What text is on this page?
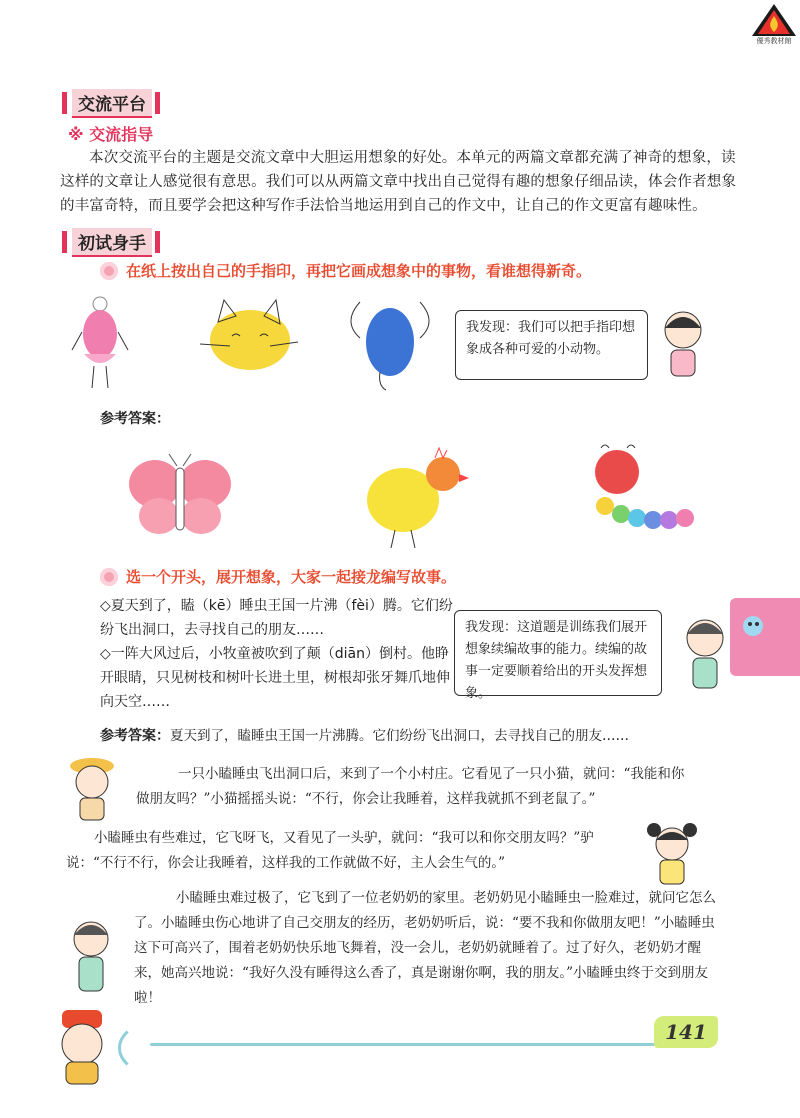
優秀教材館
交流平台
※ 交流指导
本次交流平台的主题是交流文章中大胆运用想象的好处。本单元的两篇文章都充满了神奇的想象，读这样的文章让人感觉很有意思。我们可以从两篇文章中找出自己觉得有趣的想象仔细品读，体会作者想象的丰富奇特，而且要学会把这种写作手法恰当地运用到自己的作文中，让自己的作文更富有趣味性。
初试身手
在纸上按出自己的手指印，再把它画成想象中的事物，看谁想得新奇。
我发现：我们可以把手指印想象成各种可爱的小动物。
参考答案：
选一个开头，展开想象，大家一起接龙编写故事。
◇夏天到了，瞌（kē）睡虫王国一片沸（fèi）腾。它们纷纷飞出洞口，去寻找自己的朋友……
◇一阵大风过后，小牧童被吹到了颠（diān）倒村。他睁开眼睛，只见树枝和树叶长进土里，树根却张牙舞爪地伸向天空……
我发现：这道题是训练我们展开想象续编故事的能力。续编的故事一定要顺着给出的开头发挥想象。
参考答案：夏天到了，瞌睡虫王国一片沸腾。它们纷纷飞出洞口，去寻找自己的朋友……
一只小瞌睡虫飞出洞口后，来到了一个小村庄。它看见了一只小猫，就问：“我能和你做朋友吗？”小猫摇摇头说：“不行，你会让我睡着，这样我就抓不到老鼠了。”
小瞌睡虫有些难过，它飞呀飞，又看见了一头驴，就问：“我可以和你交朋友吗？”驴说：“不行不行，你会让我睡着，这样我的工作就做不好，主人会生气的。”
小瞌睡虫难过极了，它飞到了一位老奶奶的家里。老奶奶见小瞌睡虫一脸难过，就问它怎么了。小瞌睡虫伤心地讲了自己交朋友的经历，老奶奶听后，说：“要不我和你做朋友吧！”小瞌睡虫这下可高兴了，围着老奶奶快乐地飞舞着，没一会儿，老奶奶就睡着了。过了好久，老奶奶才醒来，她高兴地说：“我好久没有睡得这么香了，真是谢谢你啊，我的朋友。”小瞌睡虫终于交到朋友啦！
141
